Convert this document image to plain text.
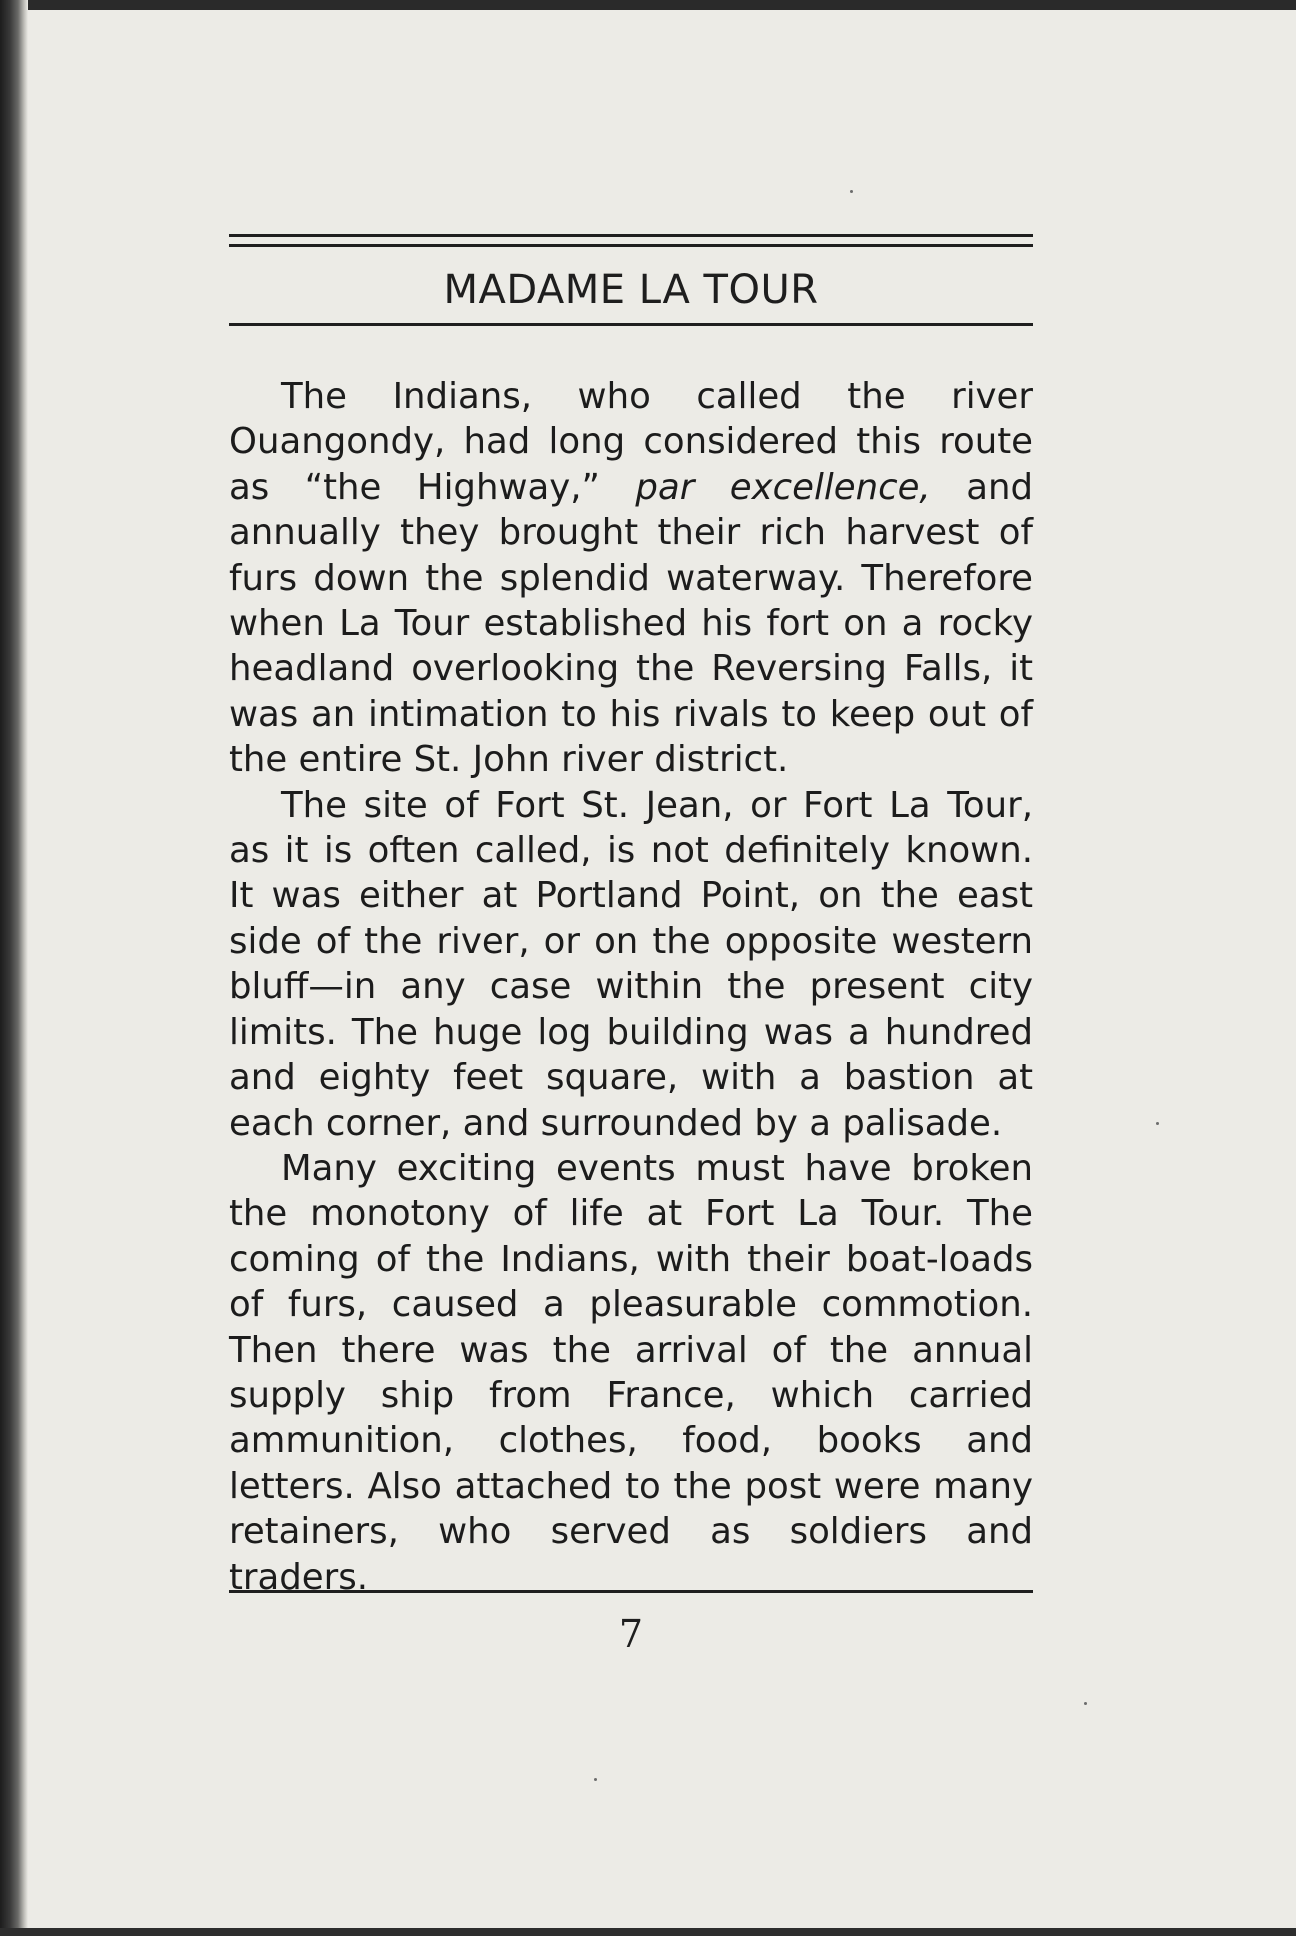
MADAME LA TOUR

The Indians, who called the river Ouangondy, had long considered this route as “the Highway,” par excellence, and annually they brought their rich harvest of furs down the splendid waterway. Therefore when La Tour established his fort on a rocky headland overlooking the Reversing Falls, it was an intimation to his rivals to keep out of the entire St. John river district.

The site of Fort St. Jean, or Fort La Tour, as it is often called, is not definitely known. It was either at Portland Point, on the east side of the river, or on the opposite western bluff—in any case within the present city limits. The huge log building was a hundred and eighty feet square, with a bastion at each corner, and surrounded by a palisade.

Many exciting events must have broken the monotony of life at Fort La Tour. The coming of the Indians, with their boat-loads of furs, caused a pleasurable commotion. Then there was the arrival of the annual supply ship from France, which carried ammunition, clothes, food, books and letters. Also attached to the post were many retainers, who served as soldiers and traders.

7
